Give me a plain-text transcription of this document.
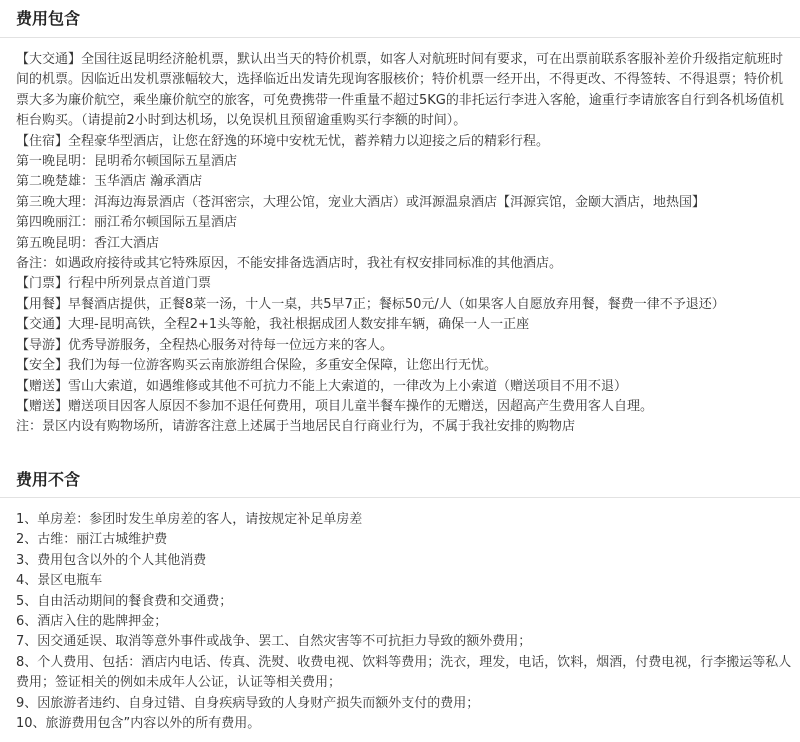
费用包含

【大交通】全国往返昆明经济舱机票，默认出当天的特价机票，如客人对航班时间有要求，可在出票前联系客服补差价升级指定航班时间的机票。因临近出发机票涨幅较大，选择临近出发请先现询客服核价；特价机票一经开出，不得更改、不得签转、不得退票；特价机票大多为廉价航空，乘坐廉价航空的旅客，可免费携带一件重量不超过5KG的非托运行李进入客舱，逾重行李请旅客自行到各机场值机柜台购买。（请提前2小时到达机场，以免误机且预留逾重购买行李额的时间）。

【住宿】全程豪华型酒店，让您在舒逸的环境中安枕无忧，蓄养精力以迎接之后的精彩行程。

第一晚昆明：昆明希尔顿国际五星酒店

第二晚楚雄：玉华酒店 瀚承酒店

第三晚大理：洱海边海景酒店（苍洱密宗，大理公馆，宠业大酒店）或洱源温泉酒店【洱源宾馆，金颐大酒店，地热国】

第四晚丽江：丽江希尔顿国际五星酒店

第五晚昆明：香江大酒店

备注：如遇政府接待或其它特殊原因，不能安排备选酒店时，我社有权安排同标准的其他酒店。

【门票】行程中所列景点首道门票

【用餐】早餐酒店提供，正餐8菜一汤，十人一桌，共5早7正；餐标50元/人（如果客人自愿放弃用餐，餐费一律不予退还）

【交通】大理-昆明高铁，全程2+1头等舱，我社根据成团人数安排车辆，确保一人一正座

【导游】优秀导游服务，全程热心服务对待每一位远方来的客人。

【安全】我们为每一位游客购买云南旅游组合保险，多重安全保障，让您出行无忧。

【赠送】雪山大索道，如遇维修或其他不可抗力不能上大索道的，一律改为上小索道（赠送项目不用不退）

【赠送】赠送项目因客人原因不参加不退任何费用，项目儿童半餐车操作的无赠送，因超高产生费用客人自理。

注：景区内设有购物场所，请游客注意上述属于当地居民自行商业行为，不属于我社安排的购物店

费用不含

1、单房差：参团时发生单房差的客人，请按规定补足单房差

2、古维：丽江古城维护费

3、费用包含以外的个人其他消费

4、景区电瓶车

5、自由活动期间的餐食费和交通费；

6、酒店入住的匙牌押金；

7、因交通延误、取消等意外事件或战争、罢工、自然灾害等不可抗拒力导致的额外费用；

8、个人费用、包括：酒店内电话、传真、洗熨、收费电视、饮料等费用；洗衣，理发，电话，饮料，烟酒，付费电视，行李搬运等私人费用；签证相关的例如未成年人公证，认证等相关费用；

9、因旅游者违约、自身过错、自身疾病导致的人身财产损失而额外支付的费用；

10、旅游费用包含”内容以外的所有费用。
